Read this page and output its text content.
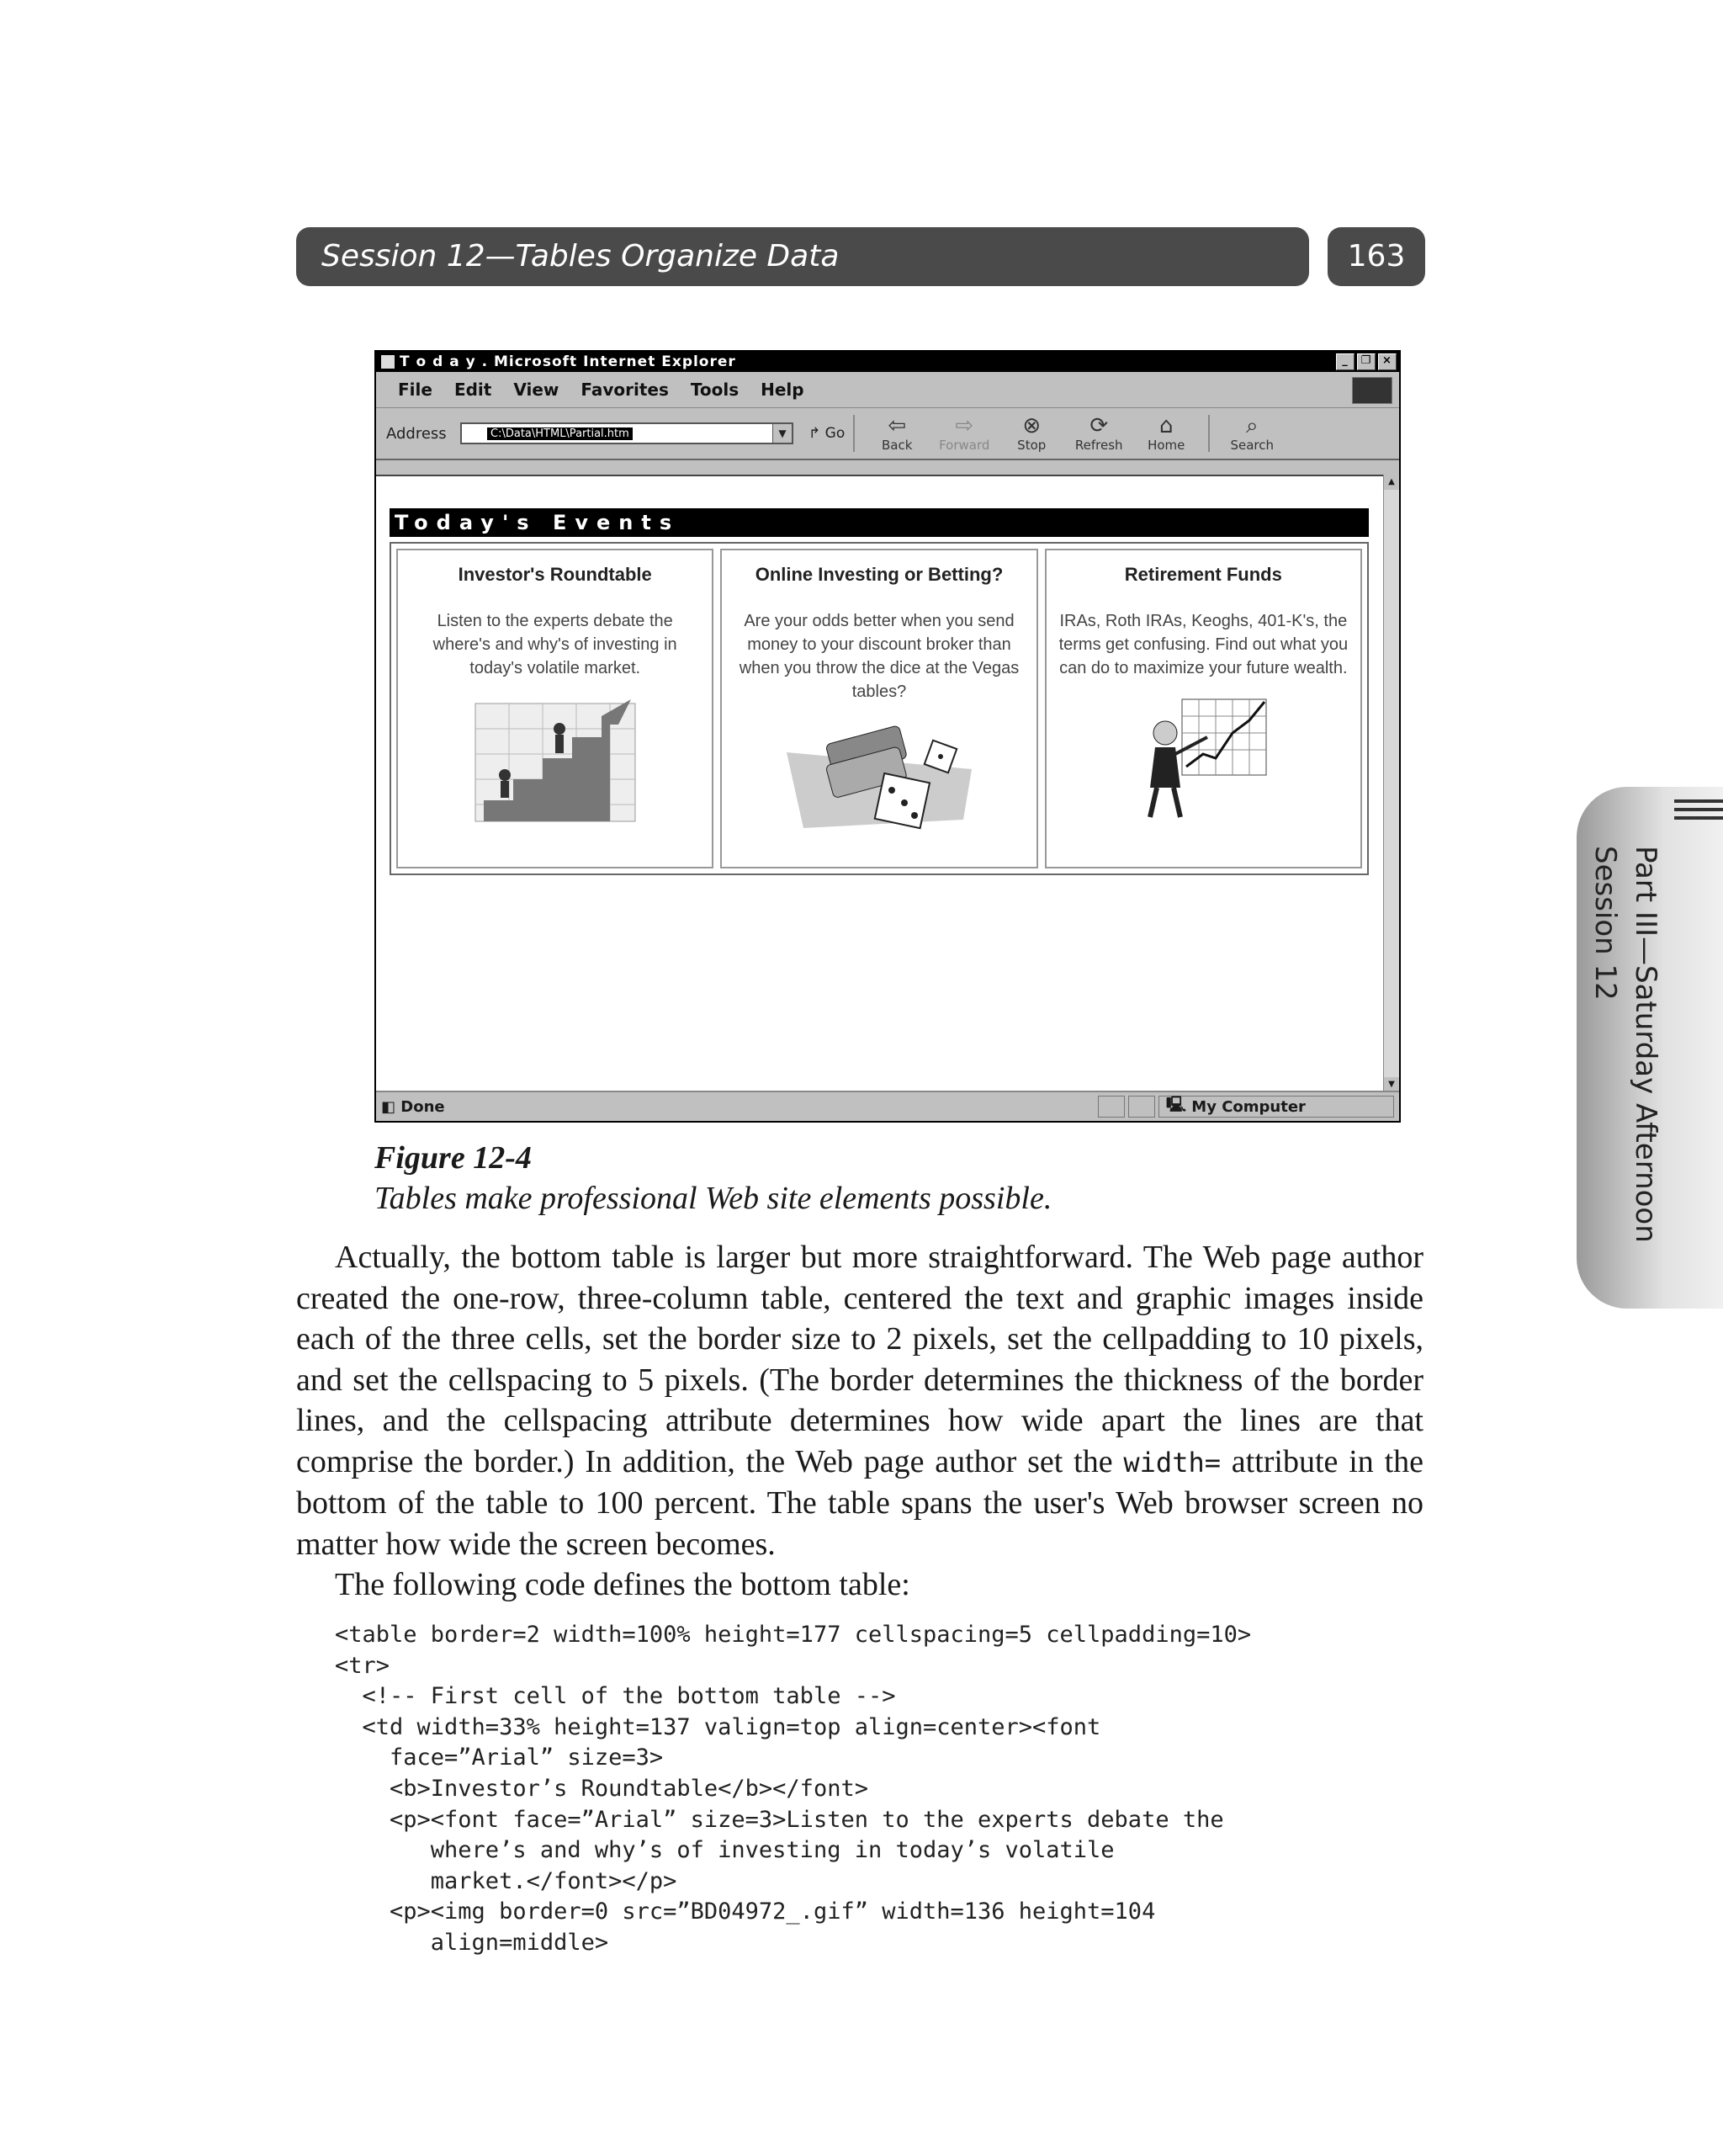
Session 12—Tables Organize Data	163
Part III—Saturday Afternoon
Session 12
T o d a y . Microsoft Internet Explorer	_	❐ ×
File Edit View Favorites Tools Help
Address	C:\Data\HTML\Partial.htm	▼	↱ Go	⇦
Back
⇨
Forward
⊗
Stop
⟳
Refresh
⌂
Home
⌕
Search
Today's Events
Investor's Roundtable

Listen to the experts debate the where's and why's of investing in today's volatile market.

Online Investing or Betting?

Are your odds better when you send money to your discount broker than when you throw the dice at the Vegas tables?

Retirement Funds

IRAs, Roth IRAs, Keoghs, 401-K's, the terms get confusing. Find out what you can do to maximize your future wealth.

▲
▼
◧ Done	🖳 My Computer
Figure 12-4
Tables make professional Web site elements possible.

Actually, the bottom table is larger but more straightforward. The Web page author created the one-row, three-column table, centered the text and graphic images inside each of the three cells, set the border size to 2 pixels, set the cellpadding to 10 pixels, and set the cellspacing to 5 pixels. (The border determines the thickness of the border lines, and the cellspacing attribute determines how wide apart the lines are that comprise the border.) In addition, the Web page author set the width= attribute in the bottom of the table to 100 percent. The table spans the user's Web browser screen no matter how wide the screen becomes.

The following code defines the bottom table:

<table border=2 width=100% height=177 cellspacing=5 cellpadding=10>
<tr>
<!-- First cell of the bottom table -->
<td width=33% height=137 valign=top align=center><font
face=”Arial” size=3>
<b>Investor’s Roundtable</b></font>
<p><font face=”Arial” size=3>Listen to the experts debate the
where’s and why’s of investing in today’s volatile
market.</font></p>
<p><img border=0 src=”BD04972_.gif” width=136 height=104
align=middle>
